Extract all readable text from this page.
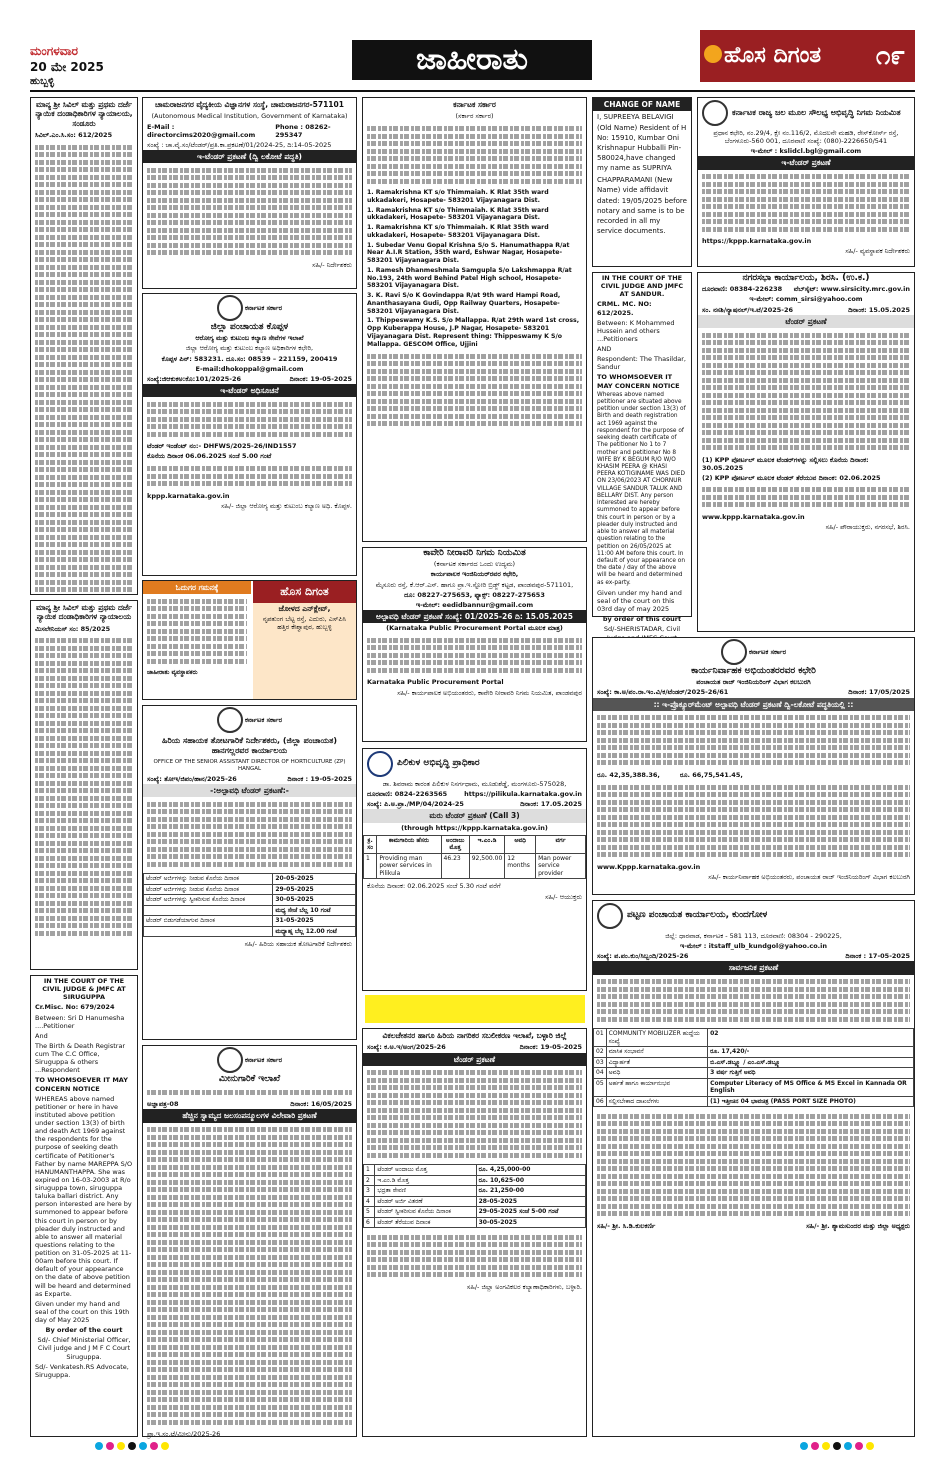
ಮಂಗಳವಾರ
20 ಮೇ 2025
ಹುಬ್ಬಳ್ಳಿ
ಜಾಹೀರಾತು	ಹೊಸ ದಿಗಂತ ೧೯
ಮಾನ್ಯ ಶ್ರೀ ಸಿವಿಲ್ ಮತ್ತು ಪ್ರಥಮ ದರ್ಜೆ ನ್ಯಾಯಿಕ ದಂಡಾಧಿಕಾರಿಗಳ ನ್ಯಾಯಾಲಯ, ಸಂಡೂರು
ಸಿವಿಲ್.ಎಂ.ಸಿ.ಸಂ: 612/2025
ಮಾನ್ಯ ಶ್ರೀ ಸಿವಿಲ್ ಮತ್ತು ಪ್ರಥಮ ದರ್ಜೆ ನ್ಯಾಯಿಕ ದಂಡಾಧಿಕಾರಿಗಳ ನ್ಯಾಯಾಲಯ
ಮಿಸಲೇನಿಯಸ್ ಸಂ: 85/2025
ಓದುಗರ ಗಮನಕ್ಕೆ
ಜಾಹೀರಾತು ವ್ಯವಸ್ಥಾಪಕರು
ಹೊಸ ದಿಗಂತ
ಜೋಳದ ಎನ್‌ಕ್ಲೇವ್,
ನೃಪತುಂಗ ಬೆಟ್ಟ ರಸ್ತೆ, ಎದುರು, ಎಸ್‌ಪಿಸಿ ಹತ್ತಿರ ಕೇಶ್ವಾಪುರ, ಹುಬ್ಬಳ್ಳಿ
IN THE COURT OF THE CIVIL JUDGE & JMFC AT SIRUGUPPA
Cr.Misc. No: 679/2024
Between: Sri D Hanumesha ....Petitioner
And
The Birth & Death Registrar cum The C.C Office, Siruguppa & others ...Respondent
TO WHOMSOEVER IT MAY CONCERN NOTICE
WHEREAS above named petitioner or here in have instituted above petition under section 13(3) of birth and death Act 1969 against the respondents for the purpose of seeking death certificate of Petitioner's Father by name MAREPPA S/O HANUMANTHAPPA. She was expired on 16-03-2003 at R/o siruguppa town, siruguppa taluka ballari district. Any person interested are here by summoned to appear before this court in person or by pleader duly instructed and able to answer all material questions relating to the petition on 31-05-2025 at 11-00am before this court. If default of your appearance on the date of above petition will be heard and determined as Exparte.
Given under my hand and seal of the court on this 19th day of May 2025
By order of the court
Sd/- Chief Ministerial Officer, Civil judge and J M F C Court Siruguppa.
Sd/- Venkatesh.RS Advocate, Siruguppa.
ಚಾಮರಾಜನಗರ ವೈದ್ಯಕೀಯ ವಿಜ್ಞಾನಗಳ ಸಂಸ್ಥೆ, ಚಾಮರಾಜನಗರ-571101
(Autonomous Medical Institution, Government of Karnataka)
E-Mail : directorcims2020@gmail.com
Phone : 08262-295347
ಸಂಖ್ಯೆ : ಚಾ.ವೈ.ಸಂ/ಟೆಂಡರ್/ಪ್ರತಿ.ಕಾ.ಪ್ರಕಟಣೆ/01/2024-25, ದಿ:14-05-2025
ಇ-ಟೆಂಡರ್ ಪ್ರಕಟಣೆ (ದ್ವಿ ಲಕೋಟೆ ಪದ್ಧತಿ)
ಸಹಿ/- ನಿರ್ದೇಶಕರು
ಕರ್ನಾಟಕ ಸರ್ಕಾರ
ಜಿಲ್ಲಾ ಪಂಚಾಯತ ಕೊಪ್ಪಳ
ಆರೋಗ್ಯ ಮತ್ತು ಕುಟುಂಬ ಕಲ್ಯಾಣ ಸೇವೆಗಳ ಇಲಾಖೆ
ಜಿಲ್ಲಾ ಆರೋಗ್ಯ ಮತ್ತು ಕುಟುಂಬ ಕಲ್ಯಾಣ ಅಧಿಕಾರಿಗಳ ಕಛೇರಿ,
ಕೊಪ್ಪಳ ಪಿನ್: 583231. ದೂ.ಸಂ: 08539 – 221159, 200419
E-mail:dhokoppal@gmail.com
ಸಂಖ್ಯೆ:ಜಿಆಕುಕಅ:ಕೊ:101/2025-26	ದಿನಾಂಕ: 19-05-2025
ಇ-ಟೆಂಡರ್ ಅಧಿಸೂಚನೆ
ಟೆಂಡರ್ ಇಂಡೆಂಟ್ ನಂ:- DHFWS/2025-26/IND1557
ಕೊನೆಯ ದಿನಾಂಕ 06.06.2025 ಸಂಜೆ 5.00 ಗಂಟೆ
kppp.karnataka.gov.in
ಸಹಿ/- ಜಿಲ್ಲಾ ಆರೋಗ್ಯ ಮತ್ತು ಕುಟುಂಬ ಕಲ್ಯಾಣ ಅಧಿ. ಕೊಪ್ಪಳ.
ಕರ್ನಾಟಕ ಸರ್ಕಾರ
ಹಿರಿಯ ಸಹಾಯಕ ತೋಟಗಾರಿಕೆ ನಿರ್ದೇಶಕರು, (ಜಿಲ್ಲಾ ಪಂಚಾಯತ) ಹಾನಗಲ್ಲರವರ ಕಾರ್ಯಾಲಯ
OFFICE OF THE SENIOR ASSISTANT DIRECTOR OF HORTICULTURE (ZP) HANGAL
ಸಂಖ್ಯೆ: ತೋಇ/ಜಿಪಂ/ಹಾನ/2025-26	ದಿನಾಂಕ : 19-05-2025
-:ಅಲ್ಪಾವಧಿ ಟೆಂಡರ್ ಪ್ರಕಟಣೆ:-
ಟೆಂಡರ್ ಅರ್ಜಿಗಳನ್ನು ನೀಡುವ ಕೊನೆಯ ದಿನಾಂಕ	20-05-2025
ಟೆಂಡರ್ ಅರ್ಜಿಗಳನ್ನು ನೀಡುವ ಕೊನೆಯ ದಿನಾಂಕ	29-05-2025
ಟೆಂಡರ್ ಅರ್ಜಿಗಳನ್ನು ಸ್ವೀಕರಿಸುವ ಕೊನೆಯ ದಿನಾಂಕ	30-05-2025
	ಮಧ್ಯ ಸೇಜೆ ಬೆಲ್ಲ 10 ಗಂಟೆ
ಟೆಂಡರ್ ಬಿಡುಗಡೆಯಾಗುವ ದಿನಾಂಕ	31-05-2025
	ಮಧ್ಯಾಹ್ನ ಬೆಲ್ಲ 12.00 ಗಂಟೆ
ಸಹಿ/- ಹಿರಿಯ ಸಹಾಯಕ ತೋಟಗಾರಿಕೆ ನಿರ್ದೇಶಕರು
ಕರ್ನಾಟಕ ಸರ್ಕಾರ
ಮೀನುಗಾರಿಕೆ ಇಲಾಖೆ
ಅಜ್ಞಾಪತ್ರ-08	ದಿನಾಂಕ: 16/05/2025
ಹೆಚ್ಚಿನ ಸ್ವಾಮ್ಯದ ಜಲಸಂಪನ್ಮೂಲಗಳ ವಿಲೇವಾರಿ ಪ್ರಕಟಣೆ
ಪ್ರಾ.ಇ.ಸಂ.ಟೆ/ಮೀನು/2025-26
ಕರ್ನಾಟಕ ಸರ್ಕಾರ
(ಸರ್ಕಾರ ಸರ್ಕಾರ)
1. Ramakrishna KT s/o Thimmaiah. K Rlat 35th ward ukkadakeri, Hosapete- 583201 Vijayanagara Dist.
1. Ramakrishna KT s/o Thimmaiah. K Rlat 35th ward ukkadakeri, Hosapete- 583201 Vijayanagara Dist.
1. Ramakrishna KT s/o Thimmaiah. K Rlat 35th ward ukkadakeri, Hosapete- 583201 Vijayanagara Dist.
1. Subedar Venu Gopal Krishna S/o S. Hanumathappa R/at Near A.I.R Station, 35th ward, Eshwar Nagar, Hosapete-583201 Vijayanagara Dist.
1. Ramesh Dhanmeshmala Samgupla S/o Lakshmappa R/at No.193, 24th word Behind Patel High school, Hosapete- 583201 Vijayanagara Dist.
3. K. Ravi S/o K Govindappa R/at 9th ward Hampi Road, Ananthasayana Gudi, Opp Railway Quarters, Hosapete-583201 Vijayanagara Dist.
1. Thippeswamy K.S. S/o Mallappa. R/at 29th ward 1st cross, Opp Kuberappa House, J.P Nagar, Hosapete- 583201 Vijayanagara Dist. Represent thing: Thippeswamy K S/o Mallappa. GESCOM Office, Ujjini
ಕಾವೇರಿ ನೀರಾವರಿ ನಿಗಮ ನಿಯಮಿತ
(ಕರ್ನಾಟಕ ಸರ್ಕಾರದ ಒಂದು ಉದ್ಯಮ)
ಕಾರ್ಯಪಾಲಕ ಇಂಜಿನಿಯರ್‌ರವರ ಕಛೇರಿ,
ಮೈಸೂರು ರಸ್ತೆ, ಕೆ.ಆರ್.ಎಸ್. ಹಾಗೂ ಪ್ರಾ.ಇ.ಸ್ಟೋರಿ ಬ್ರಿಡ್ಜ್ ಕಟ್ಟಡ, ಪಾಂಡವಪುರ-571101,
ದೂ: 08227-275653, ಫ್ಯಾಕ್ಸ್: 08227-275653
ಇ-ಮೇಲ್: eedidbannur@gmail.com
ಅಲ್ಪಾವಧಿ ಟೆಂಡರ್ ಪ್ರಕಟಣೆ ಸಂಖ್ಯೆ: 01/2025-26 ದಿ: 15.05.2025
(Karnataka Public Procurement Portal ಮೂಲಕ ಮಾತ್ರ)
Karnataka Public Procurement Portal
ಸಹಿ/- ಕಾರ್ಯಪಾಲಕ ಅಭಿಯಂತರರು, ಕಾವೇರಿ ನೀರಾವರಿ ನಿಗಮ ನಿಯಮಿತ, ಪಾಂಡವಪುರ
ಪಿಲಿಕುಳ ಅಭಿವೃದ್ಧಿ ಪ್ರಾಧಿಕಾರ
ಡಾ. ಶಿವರಾಮ ಕಾರಂತ ಪಿಲಿಕುಳ ನಿಸರ್ಗಧಾಮ, ಮೂಡುಶೆಡ್ಡೆ, ಮಂಗಳೂರು-575028,
ದೂರವಾಣಿ: 0824-2263565	https://pilikula.karnataka.gov.in
ಸಂಖ್ಯೆ: ಪಿ.ಅ.ಪ್ರಾ./MP/04/2024-25	ದಿನಾಂಕ: 17.05.2025
ಮರು ಟೆಂಡರ್ ಪ್ರಕಟಣೆ (Call 3)
(through https://kppp.karnataka.gov.in)
ಕ್ರ. ಸಂ	ಕಾಮಗಾರಿಯ ಹೆಸರು	ಅಂದಾಜು ಮೊತ್ತ	ಇ.ಎಂ.ಡಿ	ಅವಧಿ	ವರ್ಗ
1	Providing man power services in Pilikula	46.23	92,500.00	12 months	Man power service provider
ಕೊನೆಯ ದಿನಾಂಕ: 02.06.2025 ಸಂಜೆ 5.30 ಗಂಟೆ ವರೆಗೆ
ಸಹಿ/- ಆಯುಕ್ತರು
ವಿಕಲಚೇತನರ ಹಾಗೂ ಹಿರಿಯ ನಾಗರಿಕರ ಸಬಲೀಕರಣ ಇಲಾಖೆ, ಬಳ್ಳಾರಿ ಜಿಲ್ಲೆ
ಸಂಖ್ಯೆ: ಕ.ಅ.ಇ/ಅಂಗ/2025-26	ದಿನಾಂಕ: 19-05-2025
ಟೆಂಡರ್ ಪ್ರಕಟಣೆ
1	ಟೆಂಡರ್ ಅಂದಾಜು ಮೊತ್ತ	ರೂ. 4,25,000-00
2	ಇ.ಎಂ.ಡಿ ಮೊತ್ತ	ರೂ. 10,625-00
3	ಭದ್ರತಾ ಠೇವಣಿ	ರೂ. 21,250-00
4	ಟೆಂಡರ್ ಅರ್ಜಿ ವಿತರಣೆ	28-05-2025
5	ಟೆಂಡರ್ ಸ್ವೀಕರಿಸುವ ಕೊನೆಯ ದಿನಾಂಕ	29-05-2025 ಸಂಜೆ 5-00 ಗಂಟೆ
6	ಟೆಂಡರ್ ತೆರೆಯುವ ದಿನಾಂಕ	30-05-2025
ಸಹಿ/- ಜಿಲ್ಲಾ ಅಂಗವಿಕಲರ ಕಲ್ಯಾಣಾಧಿಕಾರಿಗಳು, ಬಳ್ಳಾರಿ.
CHANGE OF NAME
I, SUPREEYA BELAVIGI (Old Name) Resident of H No: 15910, Kumbar Oni Krishnapur Hubballi Pin-580024,have changed my name as SUPRIYA
CHAPPARAMANI (New Name) vide affidavit dated: 19/05/2025 before notary and same is to be recorded in all my service documents.
IN THE COURT OF THE CIVIL JUDGE AND JMFC AT SANDUR.
CRML. MC. NO: 612/2025.
Between: K Mohammed Hussein and others ...Petitioners
AND
Respondent: The Thasildar, Sandur
TO WHOMSOEVER IT MAY CONCERN NOTICE
Whereas above named petitioner are situated above petition under section 13(3) of Birth and death registration act 1969 against the respondent for the purpose of seeking death certificate of The petitioner No 1 to 7 mother and petitioner No 8 WIFE BY K BEGUM R/O W/O KHASIM PEERA @ KHASI PEERA KOTIGINAME WAS DIED ON 23/06/2023 AT CHORNUR VILLAGE SANDUR TALUK AND BELLARY DIST. Any person interested are hereby summoned to appear before this court in person or by a pleader duly instructed and able to answer all material question relating to the petition on 26/05/2025 at 11:00 AM before this court. In default of your appearance on the date / day of the above will be heard and determined as ex-party.
Given under my hand and seal of the court on this 03rd day of may 2025
by order of this court
Sd/-SHERISTADAR, Civil
ಕರ್ನಾಟಕ ರಾಜ್ಯ ಜಲ ಮೂಲ ಸೌಲಭ್ಯ ಅಭಿವೃದ್ಧಿ ನಿಗಮ ನಿಯಮಿತ
ಪ್ರಧಾನ ಕಛೇರಿ, ನಂ.29/4, ಕ್ಷೇ ನಂ.116/2, ಮೊದಲನೇ ಮಹಡಿ, ರೇಸ್‌ಕೋರ್ಸ್ ರಸ್ತೆ, ಬೆಂಗಳೂರು-560 001, ದೂರವಾಣಿ ಸಂಖ್ಯೆ: (080)-2226650/541
ಇ-ಮೇಲ್ : kslidcl.bgl@gmail.com
ಇ-ಟೆಂಡರ್ ಪ್ರಕಟಣೆ
https://kppp.karnataka.gov.in
ಸಹಿ/- ವ್ಯವಸ್ಥಾಪಕ ನಿರ್ದೇಶಕರು
ನಗರಸಭಾ ಕಾರ್ಯಾಲಯ, ಶಿರಸಿ. (ಉ.ಕ.)
ದೂರವಾಣಿ: 08384-226238 ವೆಬ್‌ಸೈಟ್: www.sirsicity.mrc.gov.in
ಇ-ಮೇಲ್: comm_sirsi@yahoo.com
ಸಂ. ನಸಶಿ/ನ್ಯಾಷನಲ್/ಇ.ಟೆ/2025-26	ದಿನಾಂಕ: 15.05.2025
ಟೆಂಡರ್ ಪ್ರಕಟಣೆ
(1) KPP ಪೋರ್ಟಲ್ ಮೂಲಕ ಟೆಂಡರ್‌ಗಳನ್ನು ಸಲ್ಲಿಸಲು ಕೊನೆಯ ದಿನಾಂಕ: 30.05.2025
(2) KPP ಪೋರ್ಟಲ್ ಮೂಲಕ ಟೆಂಡರ್ ತೆರೆಯುವ ದಿನಾಂಕ: 02.06.2025
www.kppp.karnataka.gov.in
ಸಹಿ/- ಪೌರಾಯುಕ್ತರು, ನಗರಸಭೆ, ಶಿರಸಿ.
ಕರ್ನಾಟಕ ಸರ್ಕಾರ
ಕಾರ್ಯನಿರ್ವಾಹಕ ಅಭಿಯಂತರರವರ ಕಛೇರಿ
ಪಂಚಾಯತ ರಾಜ್ ಇಂಜಿನಿಯರಿಂಗ್ ವಿಭಾಗ ಕಲಬುರಗಿ
ಸಂಖ್ಯೆ: ಕಾ.ಅ/ಪಂ.ರಾ.ಇಂ.ವಿ/ಕ/ಟೆಂಡರ್/2025-26/61	ದಿನಾಂಕ: 17/05/2025
:: ಇ-ಪ್ರೊಕ್ಯೂರ್‌ಮೆಂಟ್ ಅಲ್ಪಾವಧಿ ಟೆಂಡರ್ ಪ್ರಕಟಣೆ ದ್ವಿ-ಲಕೋಟೆ ಪದ್ಧತಿಯಲ್ಲಿ ::
ರೂ. 42,35,388.36,	ರೂ. 66,75,541.45,
www.Kppp.karnataka.gov.in
ಸಹಿ/- ಕಾರ್ಯನಿರ್ವಾಹಕ ಅಭಿಯಂತರರು, ಪಂಚಾಯತ ರಾಜ್ ಇಂಜಿನಿಯರಿಂಗ್ ವಿಭಾಗ ಕಲಬುರಗಿ
ಪಟ್ಟಣ ಪಂಚಾಯತ ಕಾರ್ಯಾಲಯ, ಕುಂದಗೋಳ
ಜಿಲ್ಲೆ: ಧಾರವಾಡ, ಕರ್ನಾಟಕ - 581 113, ದೂರವಾಣಿ: 08304 - 290225,
ಇ-ಮೇಲ್ : itstaff_ulb_kundgol@yahoo.co.in
ಸಂಖ್ಯೆ: ಪ.ಪಂ.ಕುಂ/ಸಿಬ್ಬಂದಿ/2025-26	ದಿನಾಂಕ : 17-05-2025
ಸಾರ್ವಜನಿಕ ಪ್ರಕಟಣೆ
01	COMMUNITY MOBILIZER ಹುದ್ದೆಯ ಸಂಖ್ಯೆ	02
02	ಮಾಸಿಕ ಸಂಭಾವನೆ	ರೂ. 17,420/-
03	ವಿದ್ಯಾರ್ಹತೆ	ಬಿ.ಎಸ್.ಡಬ್ಲ್ಯೂ / ಎಂ.ಎಸ್.ಡಬ್ಲ್ಯೂ
04	ಅವಧಿ	3 ವರ್ಷ ಗುತ್ತಿಗೆ ಅವಧಿ
05	ಅರ್ಹತೆ ಹಾಗೂ ಕಾರ್ಯಾನುಭವ	Computer Literacy of MS Office & MS Excel in Kannada OR English
06	ಸಲ್ಲಿಸಬೇಕಾದ ದಾಖಲೆಗಳು	(1) ಇತ್ತೀಚಿನ 04 ಭಾವಚಿತ್ರ (PASS PORT SIZE PHOTO)
ಸಹಿ/- ಶ್ರೀ. ಸಿ.ಡಿ.ಕುಲಕರ್ಣಿ	ಸಹಿ/- ಶ್ರೀ. ಶ್ಯಾಮಸುಂದರ ಮತ್ತು ಜಿಲ್ಲಾ ಅಧ್ಯಕ್ಷರು
